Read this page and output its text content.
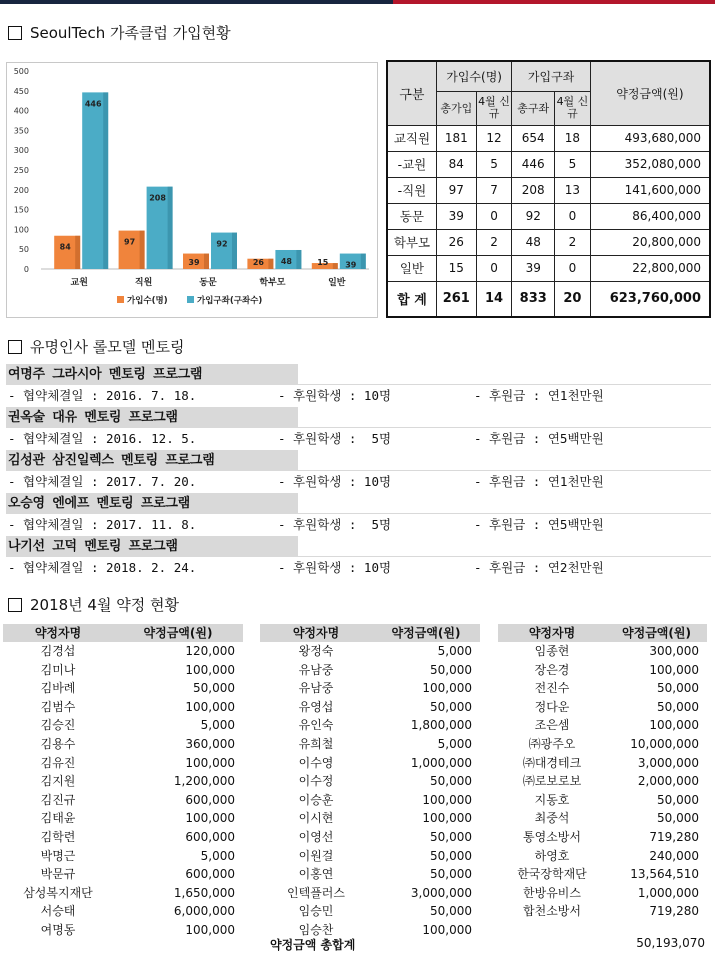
SeoulTech 가족클럽 가입현황
0
50
100
150
200
250
300
350
400
450
500
84
446
교원
97
208
직원
39
92
동문
26 48
학부모
15 39
일반
가입수(명)	가입구좌(구좌수)
구분	가입수(명)		가입구좌		약정금액(원)
	총가입	4월 신규	총구좌	4월 신규	
교직원	181	12	654	18	493,680,000
-교원	84	5	446	5	352,080,000
-직원	97	7	208	13	141,600,000
동문	39	0	92	0	86,400,000
학부모	26	2	48	2	20,800,000
일반	15	0	39	0	22,800,000
합 계	261	14	833	20	623,760,000
유명인사 롤모델 멘토링
여명주 그라시아 멘토링 프로그램
- 협약체결일 : 2016. 7. 18.	- 후원학생 : 10명	- 후원금 : 연1천만원
권옥술 대유 멘토링 프로그램
- 협약체결일 : 2016. 12. 5.	- 후원학생 :  5명	- 후원금 : 연5백만원
김성관 삼진일렉스 멘토링 프로그램
- 협약체결일 : 2017. 7. 20.	- 후원학생 : 10명	- 후원금 : 연1천만원
오승영 엔에프 멘토링 프로그램
- 협약체결일 : 2017. 11. 8.	- 후원학생 :  5명	- 후원금 : 연5백만원
나기선 고덕 멘토링 프로그램
- 협약체결일 : 2018. 2. 24.	- 후원학생 : 10명	- 후원금 : 연2천만원
2018년 4월 약정 현황
약정자명	약정금액(원)
김경섭	120,000
김미나	100,000
김바례	50,000
김범수	100,000
김승진	5,000
김용수	360,000
김유진	100,000
김지원	1,200,000
김진규	600,000
김태윤	100,000
김학련	600,000
박명근	5,000
박문규	600,000
삼성복지재단	1,650,000
서승태	6,000,000
여명동	100,000
약정자명	약정금액(원)
왕정숙	5,000
유남중	50,000
유남중	100,000
유영섭	50,000
유인숙	1,800,000
유희철	5,000
이수영	1,000,000
이수정	50,000
이승훈	100,000
이시현	100,000
이영선	50,000
이원걸	50,000
이홍연	50,000
인텍플러스	3,000,000
임승민	50,000
임승찬	100,000
약정자명	약정금액(원)
임종현	300,000
장은경	100,000
전진수	50,000
정다운	50,000
조은셈	100,000
㈜광주오	10,000,000
㈜대경테크	3,000,000
㈜로보로보	2,000,000
지동호	50,000
최중석	50,000
통영소방서	719,280
하영호	240,000
한국장학재단	13,564,510
한방유비스	1,000,000
합천소방서	719,280
약정금액 총합계	50,193,070
